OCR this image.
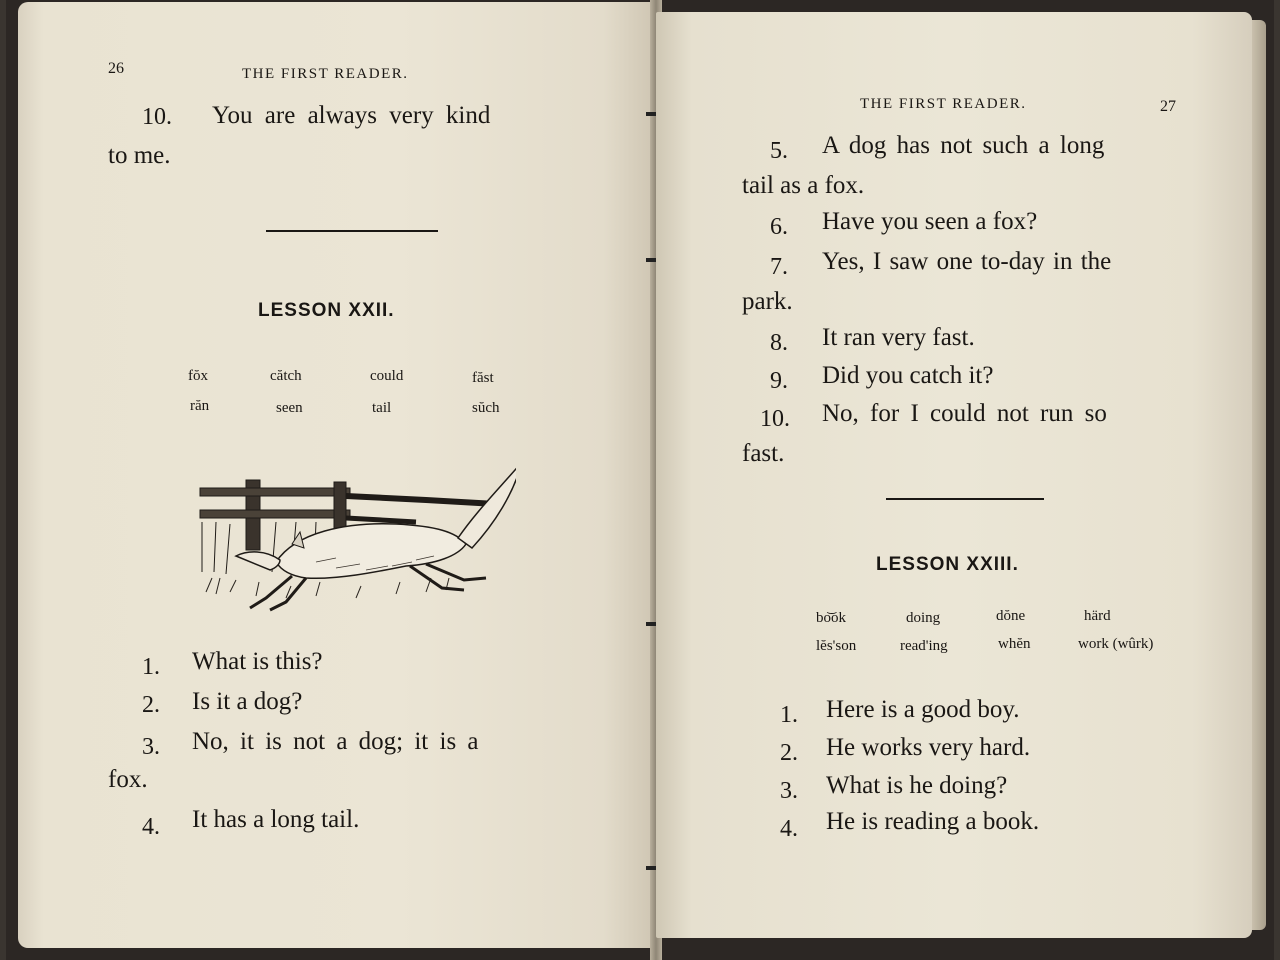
26	THE FIRST READER.
10. You are always very kind
to me.
LESSON XXII.
fŏx	cătch	could	făst
răn	seen	tail	sŭch
1. What is this?
2. Is it a dog?
3. No, it is not a dog; it is a
fox.
4. It has a long tail.
THE FIRST READER.	27
5. A dog has not such a long
tail as a fox.
6. Have you seen a fox?
7. Yes, I saw one to-day in the
park.
8. It ran very fast.
9. Did you catch it?
10. No, for I could not run so
fast.
LESSON XXIII.
bo͝ok	doing	dŏne	härd
lĕs'son	read'ing	whĕn	work (wûrk)
1. Here is a good boy.
2. He works very hard.
3. What is he doing?
4. He is reading a book.
